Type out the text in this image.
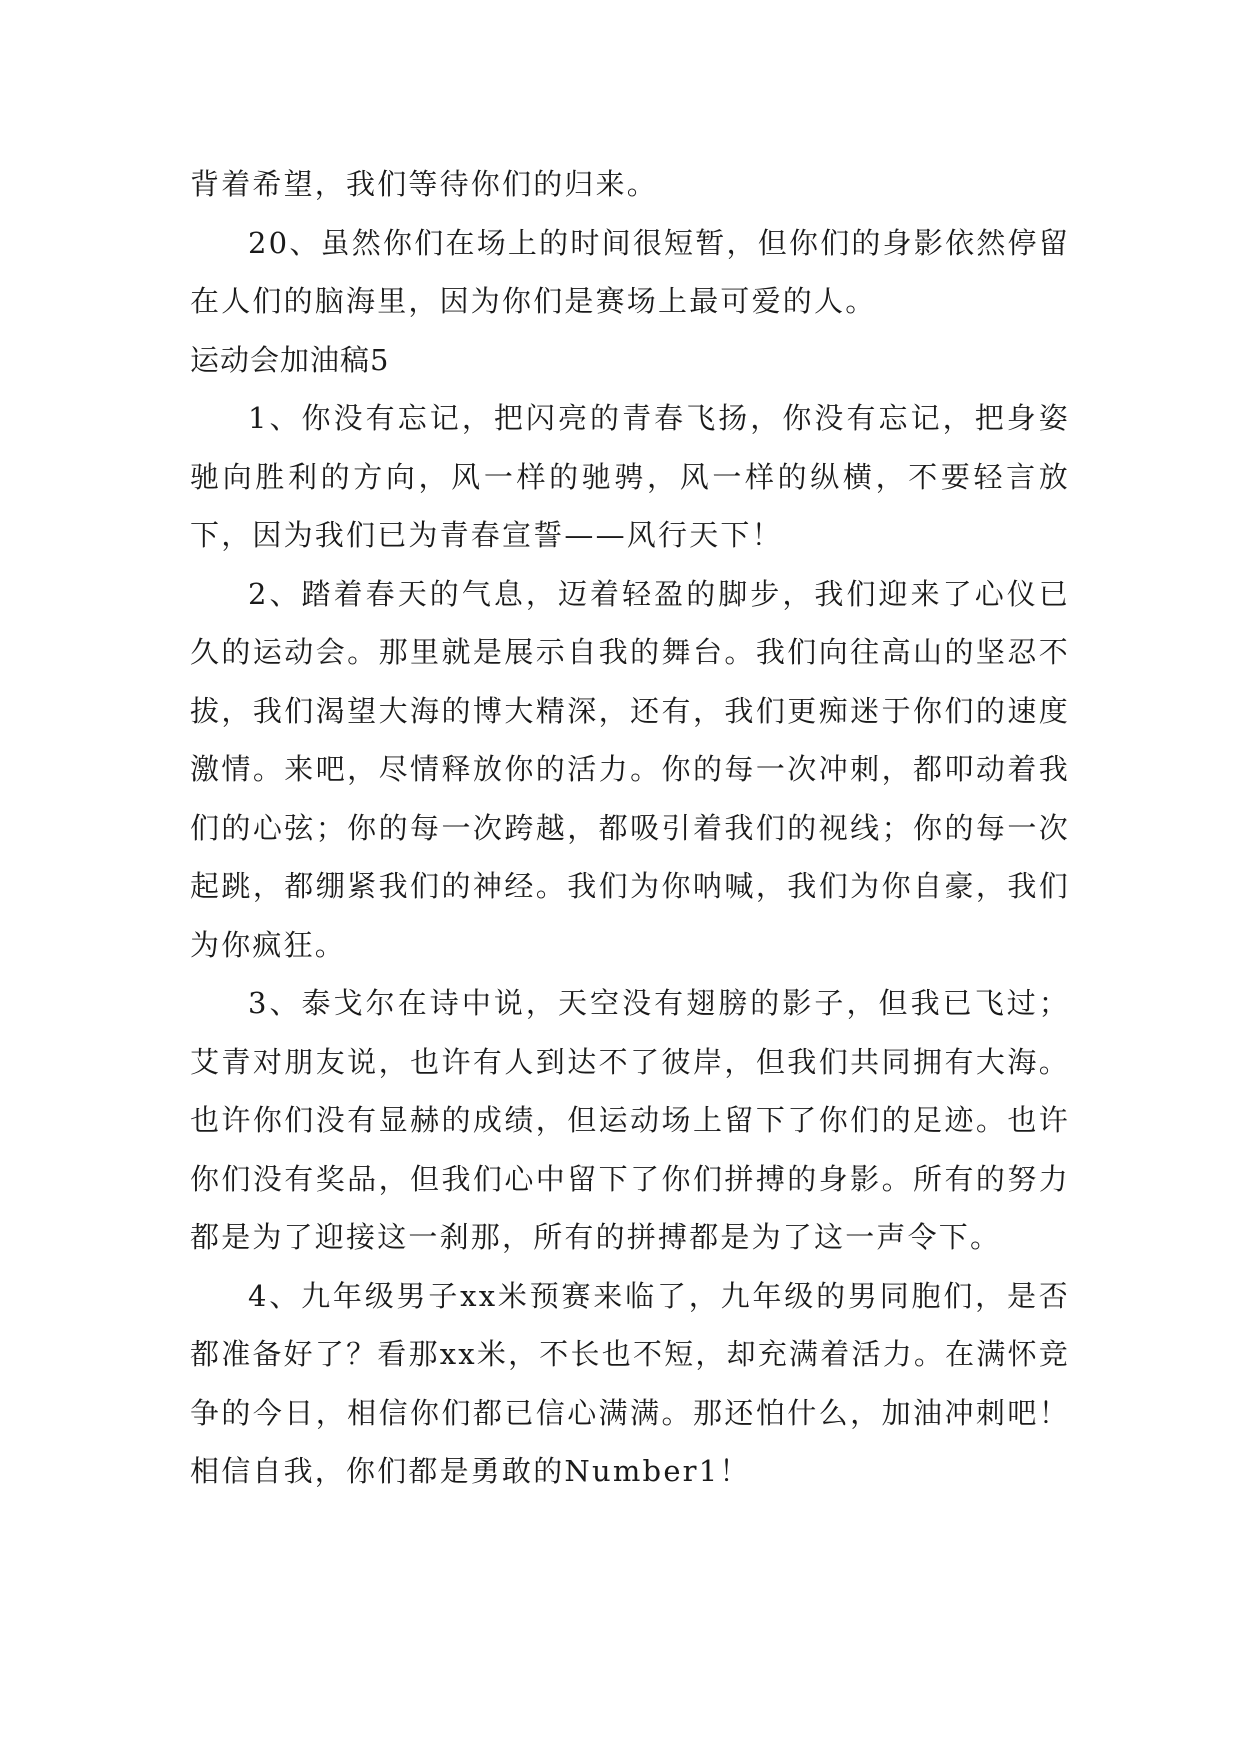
背着希望，我们等待你们的归来。

20、虽然你们在场上的时间很短暂，但你们的身影依然停留在人们的脑海里，因为你们是赛场上最可爱的人。

运动会加油稿5

1、你没有忘记，把闪亮的青春飞扬，你没有忘记，把身姿驰向胜利的方向，风一样的驰骋，风一样的纵横，不要轻言放下，因为我们已为青春宣誓——风行天下！

2、踏着春天的气息，迈着轻盈的脚步，我们迎来了心仪已久的运动会。那里就是展示自我的舞台。我们向往高山的坚忍不拔，我们渴望大海的博大精深，还有，我们更痴迷于你们的速度激情。来吧，尽情释放你的活力。你的每一次冲刺，都叩动着我们的心弦；你的每一次跨越，都吸引着我们的视线；你的每一次起跳，都绷紧我们的神经。我们为你呐喊，我们为你自豪，我们为你疯狂。

3、泰戈尔在诗中说，天空没有翅膀的影子，但我已飞过；艾青对朋友说，也许有人到达不了彼岸，但我们共同拥有大海。也许你们没有显赫的成绩，但运动场上留下了你们的足迹。也许你们没有奖品，但我们心中留下了你们拼搏的身影。所有的努力都是为了迎接这一刹那，所有的拼搏都是为了这一声令下。

4、九年级男子xx米预赛来临了，九年级的男同胞们，是否都准备好了？看那xx米，不长也不短，却充满着活力。在满怀竞争的今日，相信你们都已信心满满。那还怕什么，加油冲刺吧！相信自我，你们都是勇敢的Number1！
